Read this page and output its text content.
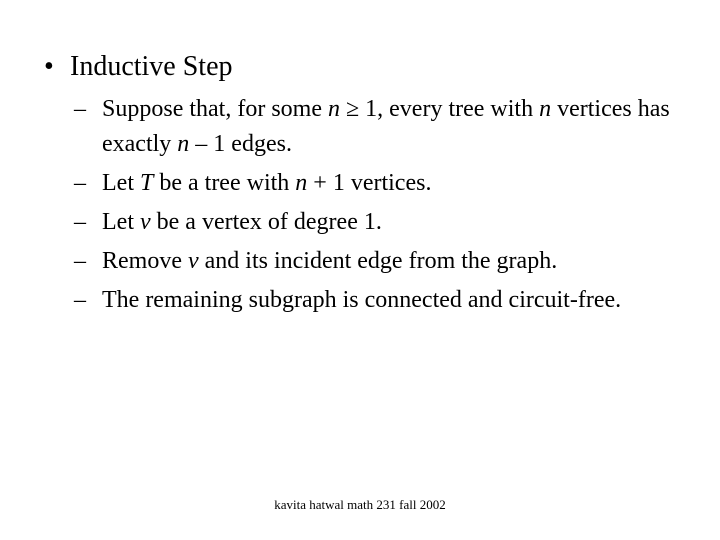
• Inductive Step
– Suppose that, for some n ≥ 1, every tree with n vertices has exactly n – 1 edges.
– Let T be a tree with n + 1 vertices.
– Let v be a vertex of degree 1.
– Remove v and its incident edge from the graph.
– The remaining subgraph is connected and circuit-free.
kavita hatwal math 231 fall 2002
